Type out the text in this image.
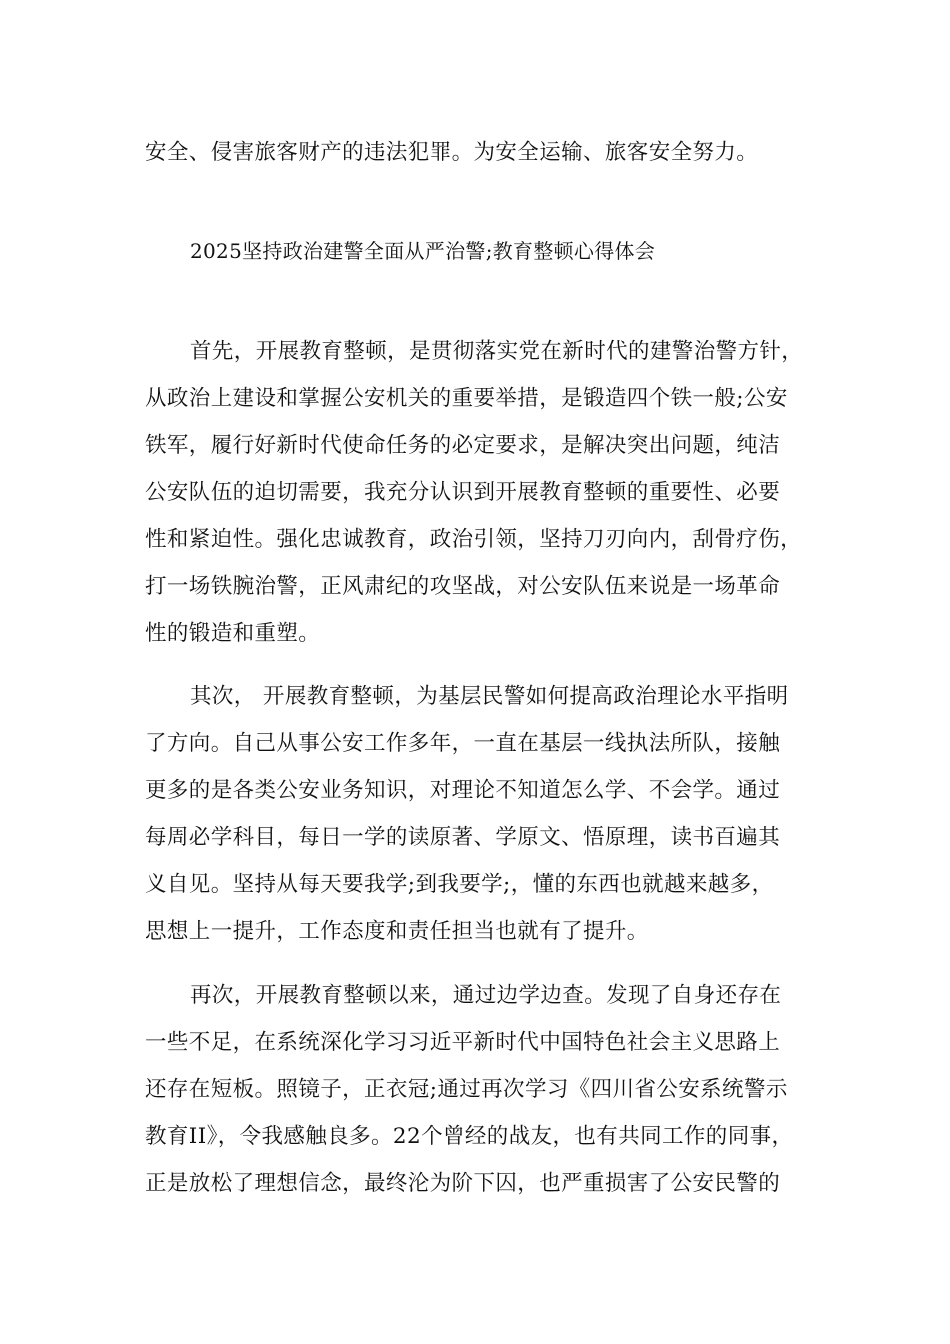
安全、侵害旅客财产的违法犯罪。为安全运输、旅客安全努力。
2025坚持政治建警全面从严治警;教育整顿心得体会
首先，开展教育整顿，是贯彻落实党在新时代的建警治警方针，
从政治上建设和掌握公安机关的重要举措，是锻造四个铁一般;公安
铁军，履行好新时代使命任务的必定要求，是解决突出问题，纯洁
公安队伍的迫切需要，我充分认识到开展教育整顿的重要性、必要
性和紧迫性。强化忠诚教育，政治引领，坚持刀刃向内，刮骨疗伤，
打一场铁腕治警，正风肃纪的攻坚战，对公安队伍来说是一场革命
性的锻造和重塑。
其次， 开展教育整顿，为基层民警如何提高政治理论水平指明
了方向。自己从事公安工作多年，一直在基层一线执法所队，接触
更多的是各类公安业务知识，对理论不知道怎么学、不会学。通过
每周必学科目，每日一学的读原著、学原文、悟原理，读书百遍其
义自见。坚持从每天要我学;到我要学;，懂的东西也就越来越多，
思想上一提升，工作态度和责任担当也就有了提升。
再次，开展教育整顿以来，通过边学边查。发现了自身还存在
一些不足，在系统深化学习习近平新时代中国特色社会主义思路上
还存在短板。照镜子，正衣冠;通过再次学习《四川省公安系统警示
教育II》，令我感触良多。22个曾经的战友，也有共同工作的同事，
正是放松了理想信念，最终沦为阶下囚，也严重损害了公安民警的
